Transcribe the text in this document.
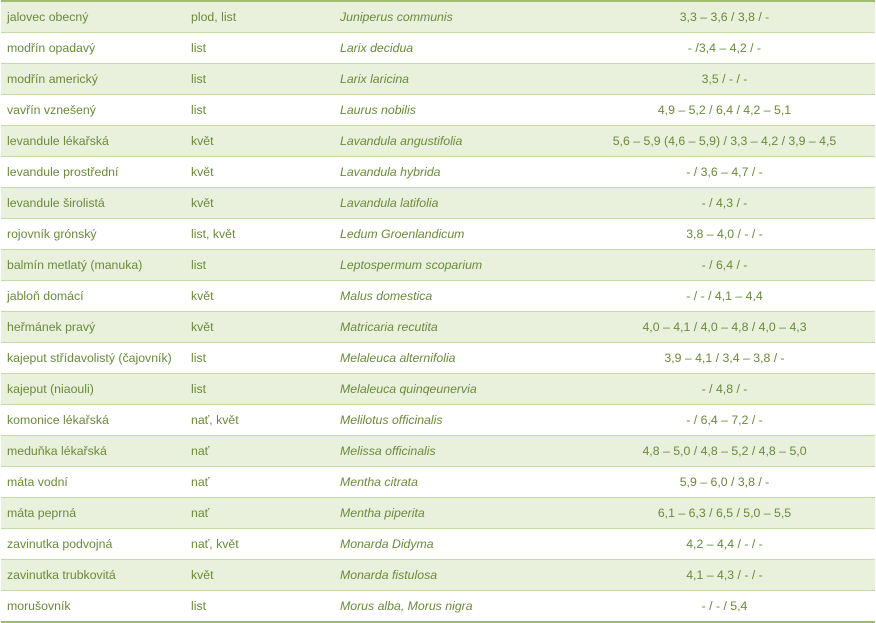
jalovec obecný	plod, list	Juniperus communis	3,3 – 3,6 / 3,8 / -
modřín opadavý	list	Larix decidua	- /3,4 – 4,2 / -
modřín americký	list	Larix laricina	3,5 / - / -
vavřín vznešený	list	Laurus nobilis	4,9 – 5,2 / 6,4 / 4,2 – 5,1
levandule lékařská	květ	Lavandula angustifolia	5,6 – 5,9 (4,6 – 5,9) / 3,3 – 4,2 / 3,9 – 4,5
levandule prostřední	květ	Lavandula hybrida	- / 3,6 – 4,7 / -
levandule širolistá	květ	Lavandula latifolia	- / 4,3 / -
rojovník grónský	list, květ	Ledum Groenlandicum	3,8 – 4,0 / - / -
balmín metlatý (manuka)	list	Leptospermum scoparium	- / 6,4 / -
jabloň domácí	květ	Malus domestica	- / - / 4,1 – 4,4
heřmánek pravý	květ	Matricaria recutita	4,0 – 4,1 / 4,0 – 4,8 / 4,0 – 4,3
kajeput střídavolistý (čajovník)	list	Melaleuca alternifolia	3,9 – 4,1 / 3,4 – 3,8 / -
kajeput (niaouli)	list	Melaleuca quinqeunervia	- / 4,8 / -
komonice lékařská	nať, květ	Melilotus officinalis	- / 6,4 – 7,2 / -
meduňka lékařská	nať	Melissa officinalis	4,8 – 5,0 / 4,8 – 5,2 / 4,8 – 5,0
máta vodní	nať	Mentha citrata	5,9 – 6,0 / 3,8 / -
máta peprná	nať	Mentha piperita	6,1 – 6,3 / 6,5 / 5,0 – 5,5
zavinutka podvojná	nať, květ	Monarda Didyma	4,2 – 4,4 / - / -
zavinutka trubkovitá	květ	Monarda fistulosa	4,1 – 4,3 / - / -
morušovník	list	Morus alba, Morus nigra	- / - / 5,4
